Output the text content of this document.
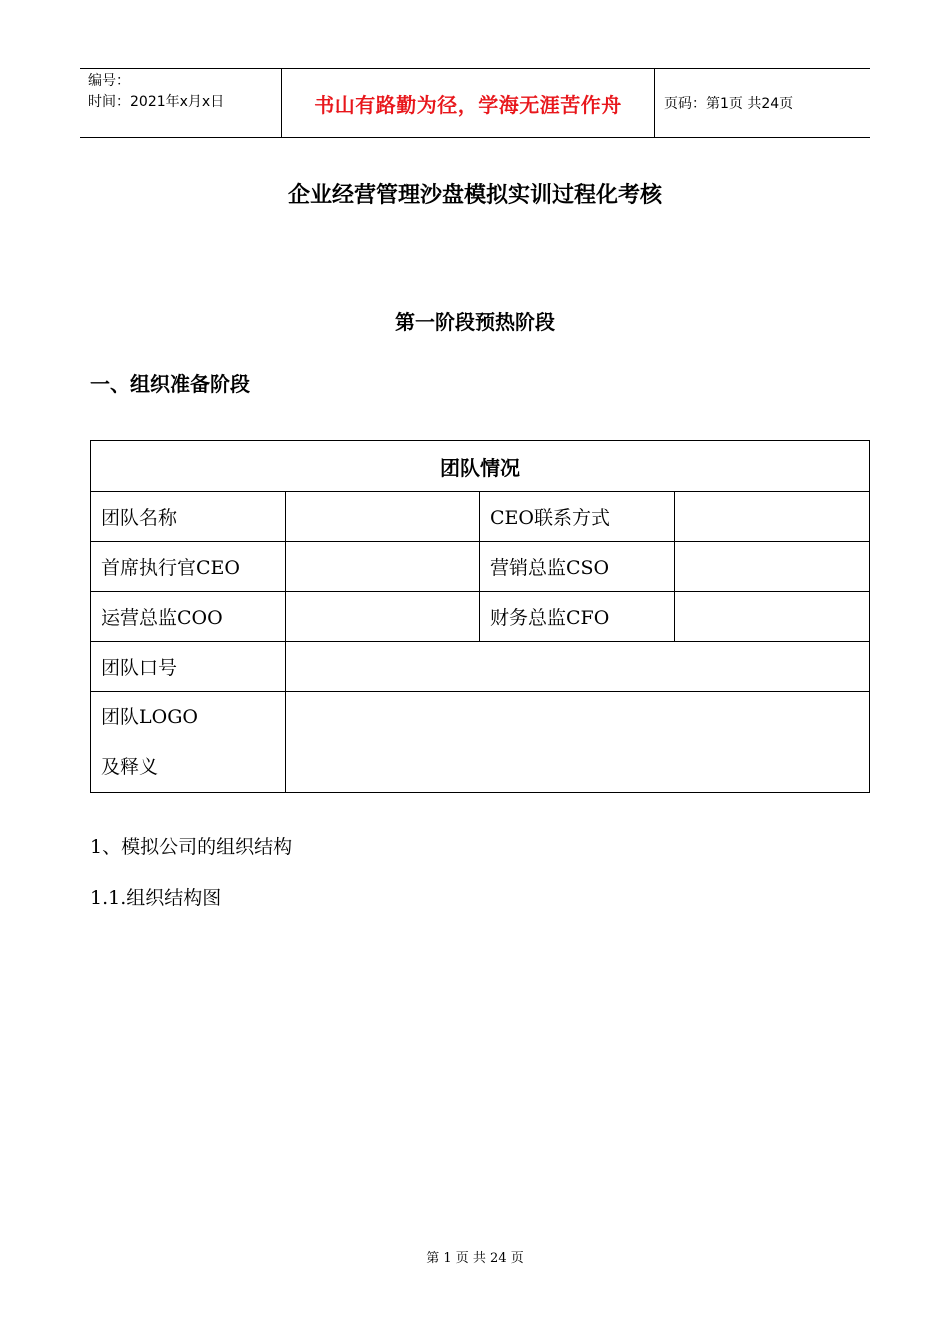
编号：
时间：2021年x月x日	书山有路勤为径，学海无涯苦作舟	页码：第1页 共24页
企业经营管理沙盘模拟实训过程化考核
第一阶段预热阶段
一、组织准备阶段
团队情况			
团队名称		CEO联系方式	
首席执行官CEO		营销总监CSO	
运营总监COO		财务总监CFO	
团队口号			

团队LOGO
及释义			

1、模拟公司的组织结构
1.1.组织结构图
第 1 页 共 24 页
